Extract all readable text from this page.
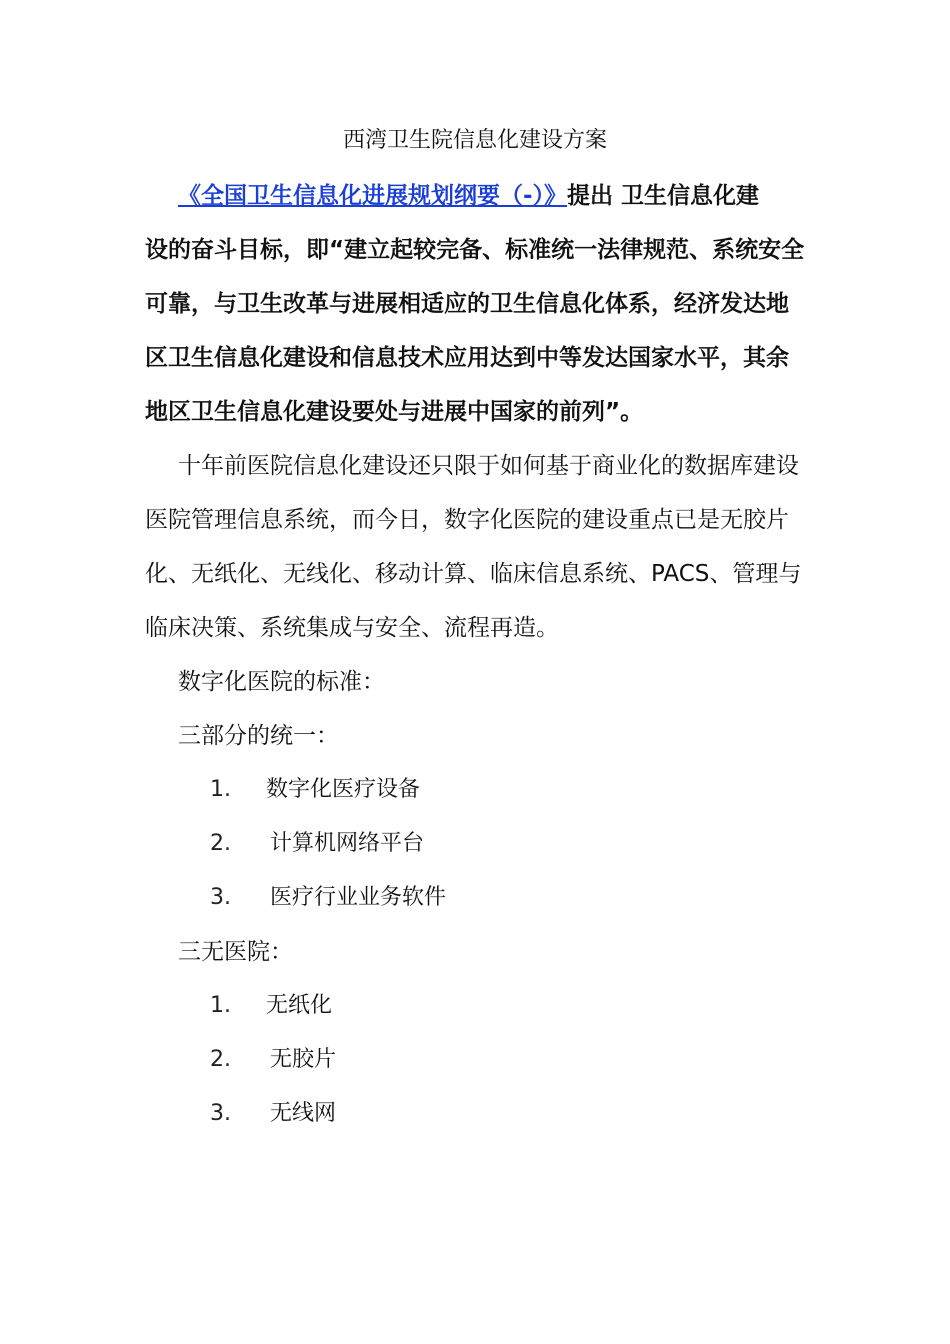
西湾卫生院信息化建设方案
《全国卫生信息化进展规划纲要（-）》提出 卫生信息化建
设的奋斗目标，即“建立起较完备、标准统一法律规范、系统安全
可靠，与卫生改革与进展相适应的卫生信息化体系，经济发达地
区卫生信息化建设和信息技术应用达到中等发达国家水平，其余
地区卫生信息化建设要处与进展中国家的前列”。
十年前医院信息化建设还只限于如何基于商业化的数据库建设
医院管理信息系统，而今日，数字化医院的建设重点已是无胶片
化、无纸化、无线化、移动计算、临床信息系统、PACS、管理与
临床决策、系统集成与安全、流程再造。
数字化医院的标准：
三部分的统一：
1. 数字化医疗设备
2. 计算机网络平台
3. 医疗行业业务软件
三无医院：
1. 无纸化
2. 无胶片
3. 无线网
